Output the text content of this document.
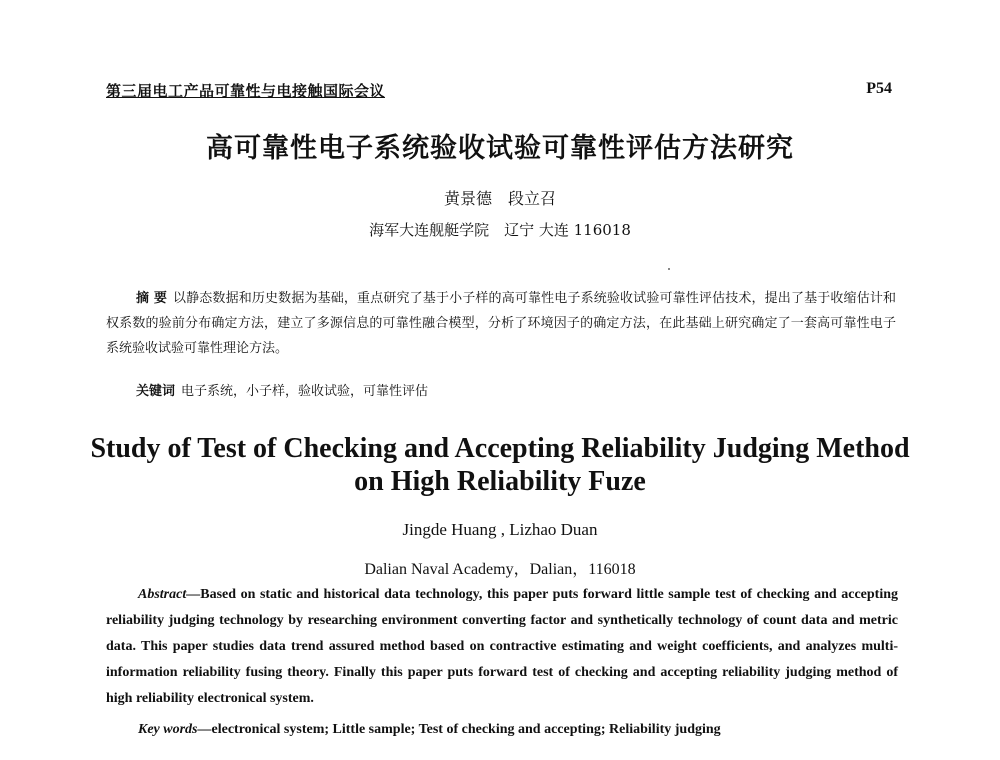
第三届电工产品可靠性与电接触国际会议	P54
高可靠性电子系统验收试验可靠性评估方法研究
黄景德　段立召
海军大连舰艇学院　辽宁 大连 116018

摘 要 以静态数据和历史数据为基础，重点研究了基于小子样的高可靠性电子系统验收试验可靠性评估技术，提出了基于收缩估计和权系数的验前分布确定方法，建立了多源信息的可靠性融合模型，分析了环境因子的确定方法，在此基础上研究确定了一套高可靠性电子系统验收试验可靠性理论方法。

关键词 电子系统，小子样，验收试验，可靠性评估
Study of Test of Checking and Accepting Reliability Judging Method
on High Reliability Fuze
Jingde Huang , Lizhao Duan
Dalian Naval Academy，Dalian，116018

Abstract—Based on static and historical data technology, this paper puts forward little sample test of checking and accepting reliability judging technology by researching environment converting factor and synthetically technology of count data and metric data. This paper studies data trend assured method based on contractive estimating and weight coefficients, and analyzes multi-information reliability fusing theory. Finally this paper puts forward test of checking and accepting reliability judging method of high reliability electronical system.

Key words—electronical system; Little sample; Test of checking and accepting; Reliability judging
